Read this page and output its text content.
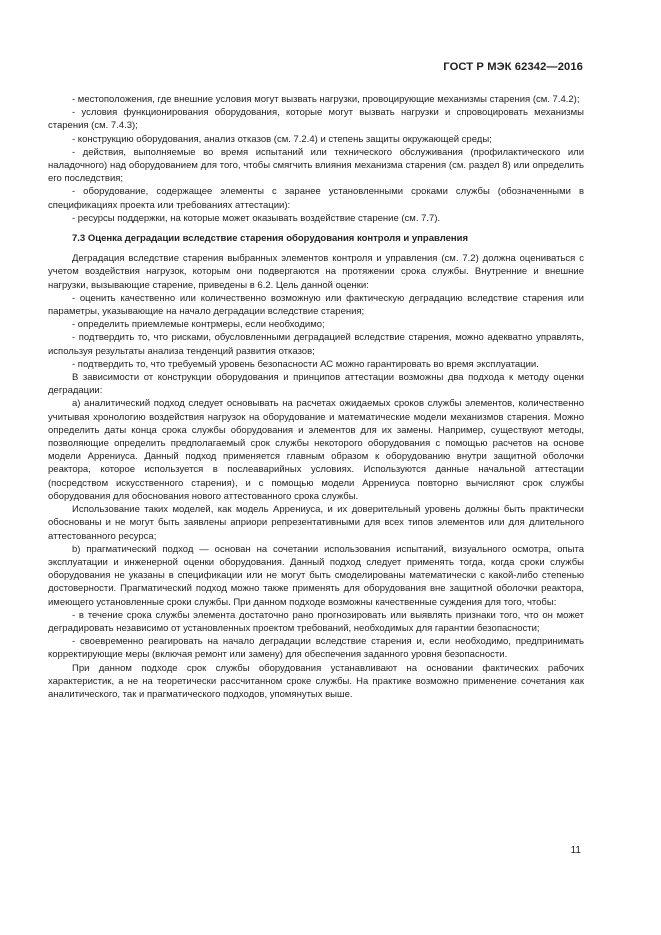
ГОСТ Р МЭК 62342—2016

- местоположения, где внешние условия могут вызвать нагрузки, провоцирующие механизмы старения (см. 7.4.2);

- условия функционирования оборудования, которые могут вызвать нагрузки и спровоцировать механизмы старения (см. 7.4.3);

- конструкцию оборудования, анализ отказов (см. 7.2.4) и степень защиты окружающей среды;

- действия, выполняемые во время испытаний или технического обслуживания (профилактического или наладочного) над оборудованием для того, чтобы смягчить влияния механизма старения (см. раздел 8) или определить его последствия;

- оборудование, содержащее элементы с заранее установленными сроками службы (обозначенными в спецификациях проекта или требованиях аттестации):

- ресурсы поддержки, на которые может оказывать воздействие старение (см. 7.7).

7.3 Оценка деградации вследствие старения оборудования контроля и управления

Деградация вследствие старения выбранных элементов контроля и управления (см. 7.2) должна оцениваться с учетом воздействия нагрузок, которым они подвергаются на протяжении срока службы. Внутренние и внешние нагрузки, вызывающие старение, приведены в 6.2. Цель данной оценки:

- оценить качественно или количественно возможную или фактическую деградацию вследствие старения или параметры, указывающие на начало деградации вследствие старения;

- определить приемлемые контрмеры, если необходимо;

- подтвердить то, что рисками, обусловленными деградацией вследствие старения, можно адекватно управлять, используя результаты анализа тенденций развития отказов;

- подтвердить то, что требуемый уровень безопасности АС можно гарантировать во время эксплуатации.

В зависимости от конструкции оборудования и принципов аттестации возможны два подхода к методу оценки деградации:

a) аналитический подход следует основывать на расчетах ожидаемых сроков службы элементов, количественно учитывая хронологию воздействия нагрузок на оборудование и математические модели механизмов старения. Можно определить даты конца срока службы оборудования и элементов для их замены. Например, существуют методы, позволяющие определить предполагаемый срок службы некоторого оборудования с помощью расчетов на основе модели Аррениуса. Данный подход применяется главным образом к оборудованию внутри защитной оболочки реактора, которое используется в послеаварийных условиях. Используются данные начальной аттестации (посредством искусственного старения), и с помощью модели Аррениуса повторно вычисляют срок службы оборудования для обоснования нового аттестованного срока службы.

Использование таких моделей, как модель Аррениуса, и их доверительный уровень должны быть практически обоснованы и не могут быть заявлены априори репрезентативными для всех типов элементов или для длительного аттестованного ресурса;

b) прагматический подход — основан на сочетании использования испытаний, визуального осмотра, опыта эксплуатации и инженерной оценки оборудования. Данный подход следует применять тогда, когда сроки службы оборудования не указаны в спецификации или не могут быть смоделированы математически с какой-либо степенью достоверности. Прагматический подход можно также применять для оборудования вне защитной оболочки реактора, имеющего установленные сроки службы. При данном подходе возможны качественные суждения для того, чтобы:

- в течение срока службы элемента достаточно рано прогнозировать или выявлять признаки того, что он может деградировать независимо от установленных проектом требований, необходимых для гарантии безопасности;

- своевременно реагировать на начало деградации вследствие старения и, если необходимо, предпринимать корректирующие меры (включая ремонт или замену) для обеспечения заданного уровня безопасности.

При данном подходе срок службы оборудования устанавливают на основании фактических рабочих характеристик, а не на теоретически рассчитанном сроке службы. На практике возможно применение сочетания как аналитического, так и прагматического подходов, упомянутых выше.

11
